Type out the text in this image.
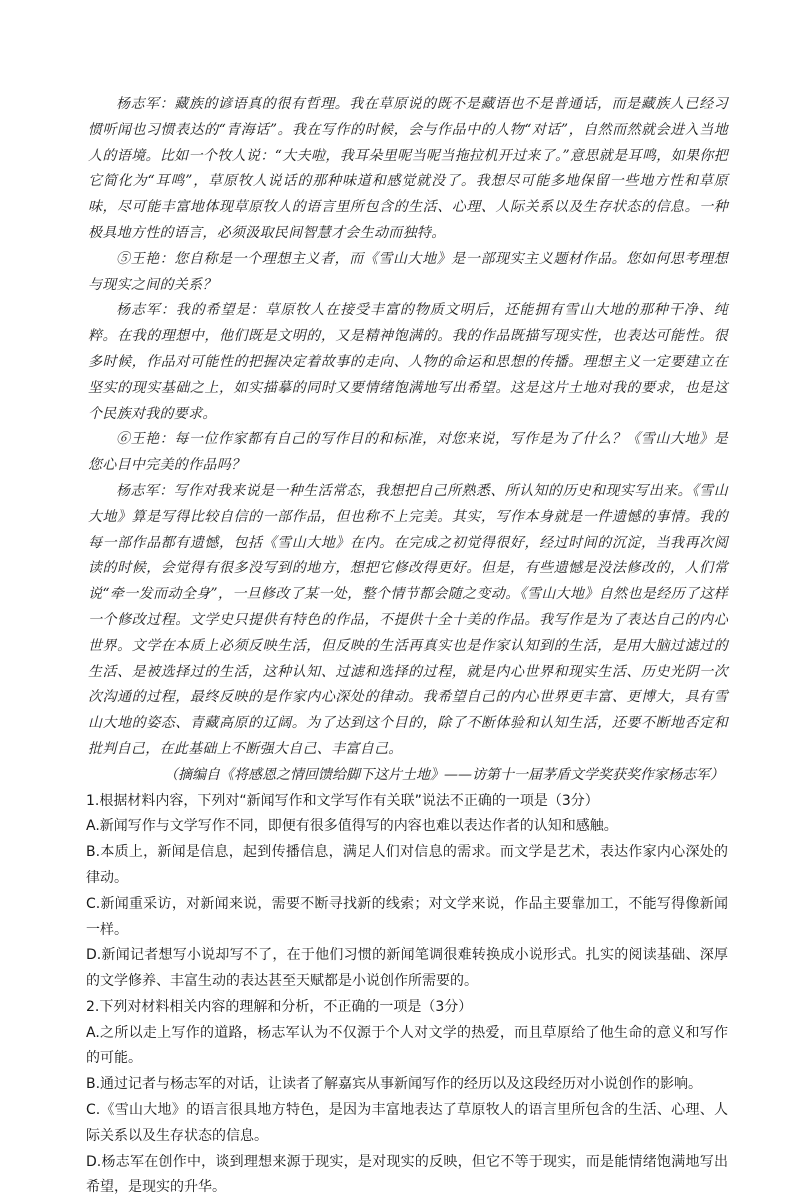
杨志军：藏族的谚语真的很有哲理。我在草原说的既不是藏语也不是普通话，而是藏族人已经习惯听闻也习惯表达的“青海话”。我在写作的时候，会与作品中的人物“对话”，自然而然就会进入当地人的语境。比如一个牧人说：“大夫啦，我耳朵里呢当呢当拖拉机开过来了。”意思就是耳鸣，如果你把它简化为“耳鸣”，草原牧人说话的那种味道和感觉就没了。我想尽可能多地保留一些地方性和草原味，尽可能丰富地体现草原牧人的语言里所包含的生活、心理、人际关系以及生存状态的信息。一种极具地方性的语言，必须汲取民间智慧才会生动而独特。

⑤王艳：您自称是一个理想主义者，而《雪山大地》是一部现实主义题材作品。您如何思考理想与现实之间的关系？

杨志军：我的希望是：草原牧人在接受丰富的物质文明后，还能拥有雪山大地的那种干净、纯粹。在我的理想中，他们既是文明的，又是精神饱满的。我的作品既描写现实性，也表达可能性。很多时候，作品对可能性的把握决定着故事的走向、人物的命运和思想的传播。理想主义一定要建立在坚实的现实基础之上，如实描摹的同时又要情绪饱满地写出希望。这是这片土地对我的要求，也是这个民族对我的要求。

⑥王艳：每一位作家都有自己的写作目的和标准，对您来说，写作是为了什么？《雪山大地》是您心目中完美的作品吗？

杨志军：写作对我来说是一种生活常态，我想把自己所熟悉、所认知的历史和现实写出来。《雪山大地》算是写得比较自信的一部作品，但也称不上完美。其实，写作本身就是一件遗憾的事情。我的每一部作品都有遗憾，包括《雪山大地》在内。在完成之初觉得很好，经过时间的沉淀，当我再次阅读的时候，会觉得有很多没写到的地方，想把它修改得更好。但是，有些遗憾是没法修改的，人们常说“牵一发而动全身”，一旦修改了某一处，整个情节都会随之变动。《雪山大地》自然也是经历了这样一个修改过程。文学史只提供有特色的作品，不提供十全十美的作品。我写作是为了表达自己的内心世界。文学在本质上必须反映生活，但反映的生活再真实也是作家认知到的生活，是用大脑过滤过的生活、是被选择过的生活，这种认知、过滤和选择的过程，就是内心世界和现实生活、历史光阴一次次沟通的过程，最终反映的是作家内心深处的律动。我希望自己的内心世界更丰富、更博大，具有雪山大地的姿态、青藏高原的辽阔。为了达到这个目的，除了不断体验和认知生活，还要不断地否定和批判自己，在此基础上不断强大自己、丰富自己。

（摘编自《将感恩之情回馈给脚下这片土地》——访第十一届茅盾文学奖获奖作家杨志军）

1.根据材料内容，下列对“新闻写作和文学写作有关联”说法不正确的一项是（3分）

A.新闻写作与文学写作不同，即便有很多值得写的内容也难以表达作者的认知和感触。

B.本质上，新闻是信息，起到传播信息，满足人们对信息的需求。而文学是艺术，表达作家内心深处的律动。

C.新闻重采访，对新闻来说，需要不断寻找新的线索；对文学来说，作品主要靠加工，不能写得像新闻一样。

D.新闻记者想写小说却写不了，在于他们习惯的新闻笔调很难转换成小说形式。扎实的阅读基础、深厚的文学修养、丰富生动的表达甚至天赋都是小说创作所需要的。

2.下列对材料相关内容的理解和分析，不正确的一项是（3分）

A.之所以走上写作的道路，杨志军认为不仅源于个人对文学的热爱，而且草原给了他生命的意义和写作的可能。

B.通过记者与杨志军的对话，让读者了解嘉宾从事新闻写作的经历以及这段经历对小说创作的影响。

C.《雪山大地》的语言很具地方特色，是因为丰富地表达了草原牧人的语言里所包含的生活、心理、人际关系以及生存状态的信息。

D.杨志军在创作中，谈到理想来源于现实，是对现实的反映，但它不等于现实，而是能情绪饱满地写出希望，是现实的升华。
